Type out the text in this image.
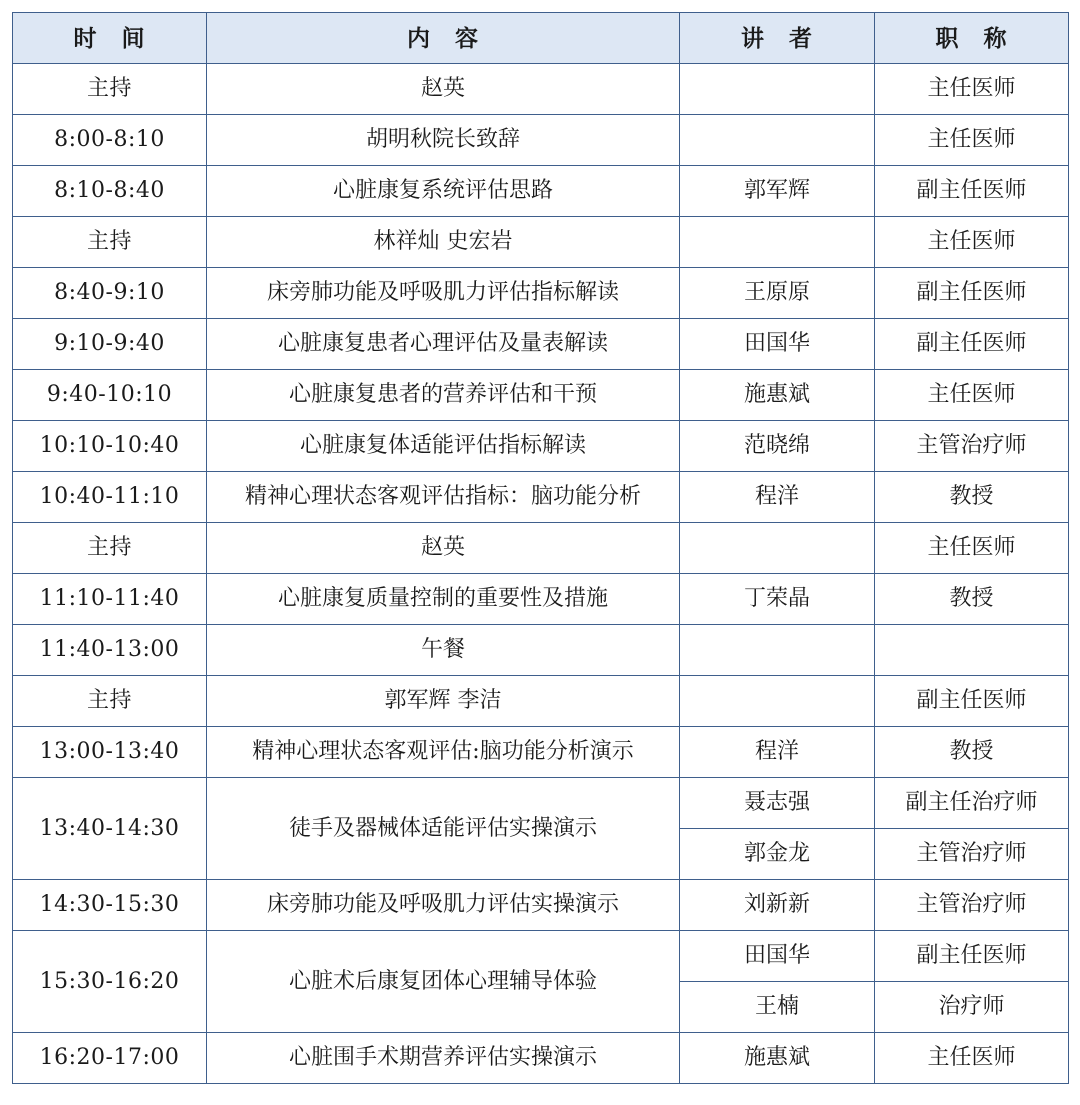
时　间	内　容	讲　者	职　称
主持	赵英		主任医师
8:00-8:10	胡明秋院长致辞		主任医师
8:10-8:40	心脏康复系统评估思路	郭军辉	副主任医师
主持	林祥灿 史宏岩		主任医师
8:40-9:10	床旁肺功能及呼吸肌力评估指标解读	王原原	副主任医师
9:10-9:40	心脏康复患者心理评估及量表解读	田国华	副主任医师
9:40-10:10	心脏康复患者的营养评估和干预	施惠斌	主任医师
10:10-10:40	心脏康复体适能评估指标解读	范晓绵	主管治疗师
10:40-11:10	精神心理状态客观评估指标：脑功能分析	程洋	教授
主持	赵英		主任医师
11:10-11:40	心脏康复质量控制的重要性及措施	丁荣晶	教授
11:40-13:00	午餐		
主持	郭军辉 李洁		副主任医师
13:00-13:40	精神心理状态客观评估:脑功能分析演示	程洋	教授
13:40-14:30	徒手及器械体适能评估实操演示	聂志强	副主任治疗师
		郭金龙	主管治疗师
14:30-15:30	床旁肺功能及呼吸肌力评估实操演示	刘新新	主管治疗师
15:30-16:20	心脏术后康复团体心理辅导体验	田国华	副主任医师
		王楠	治疗师
16:20-17:00	心脏围手术期营养评估实操演示	施惠斌	主任医师
